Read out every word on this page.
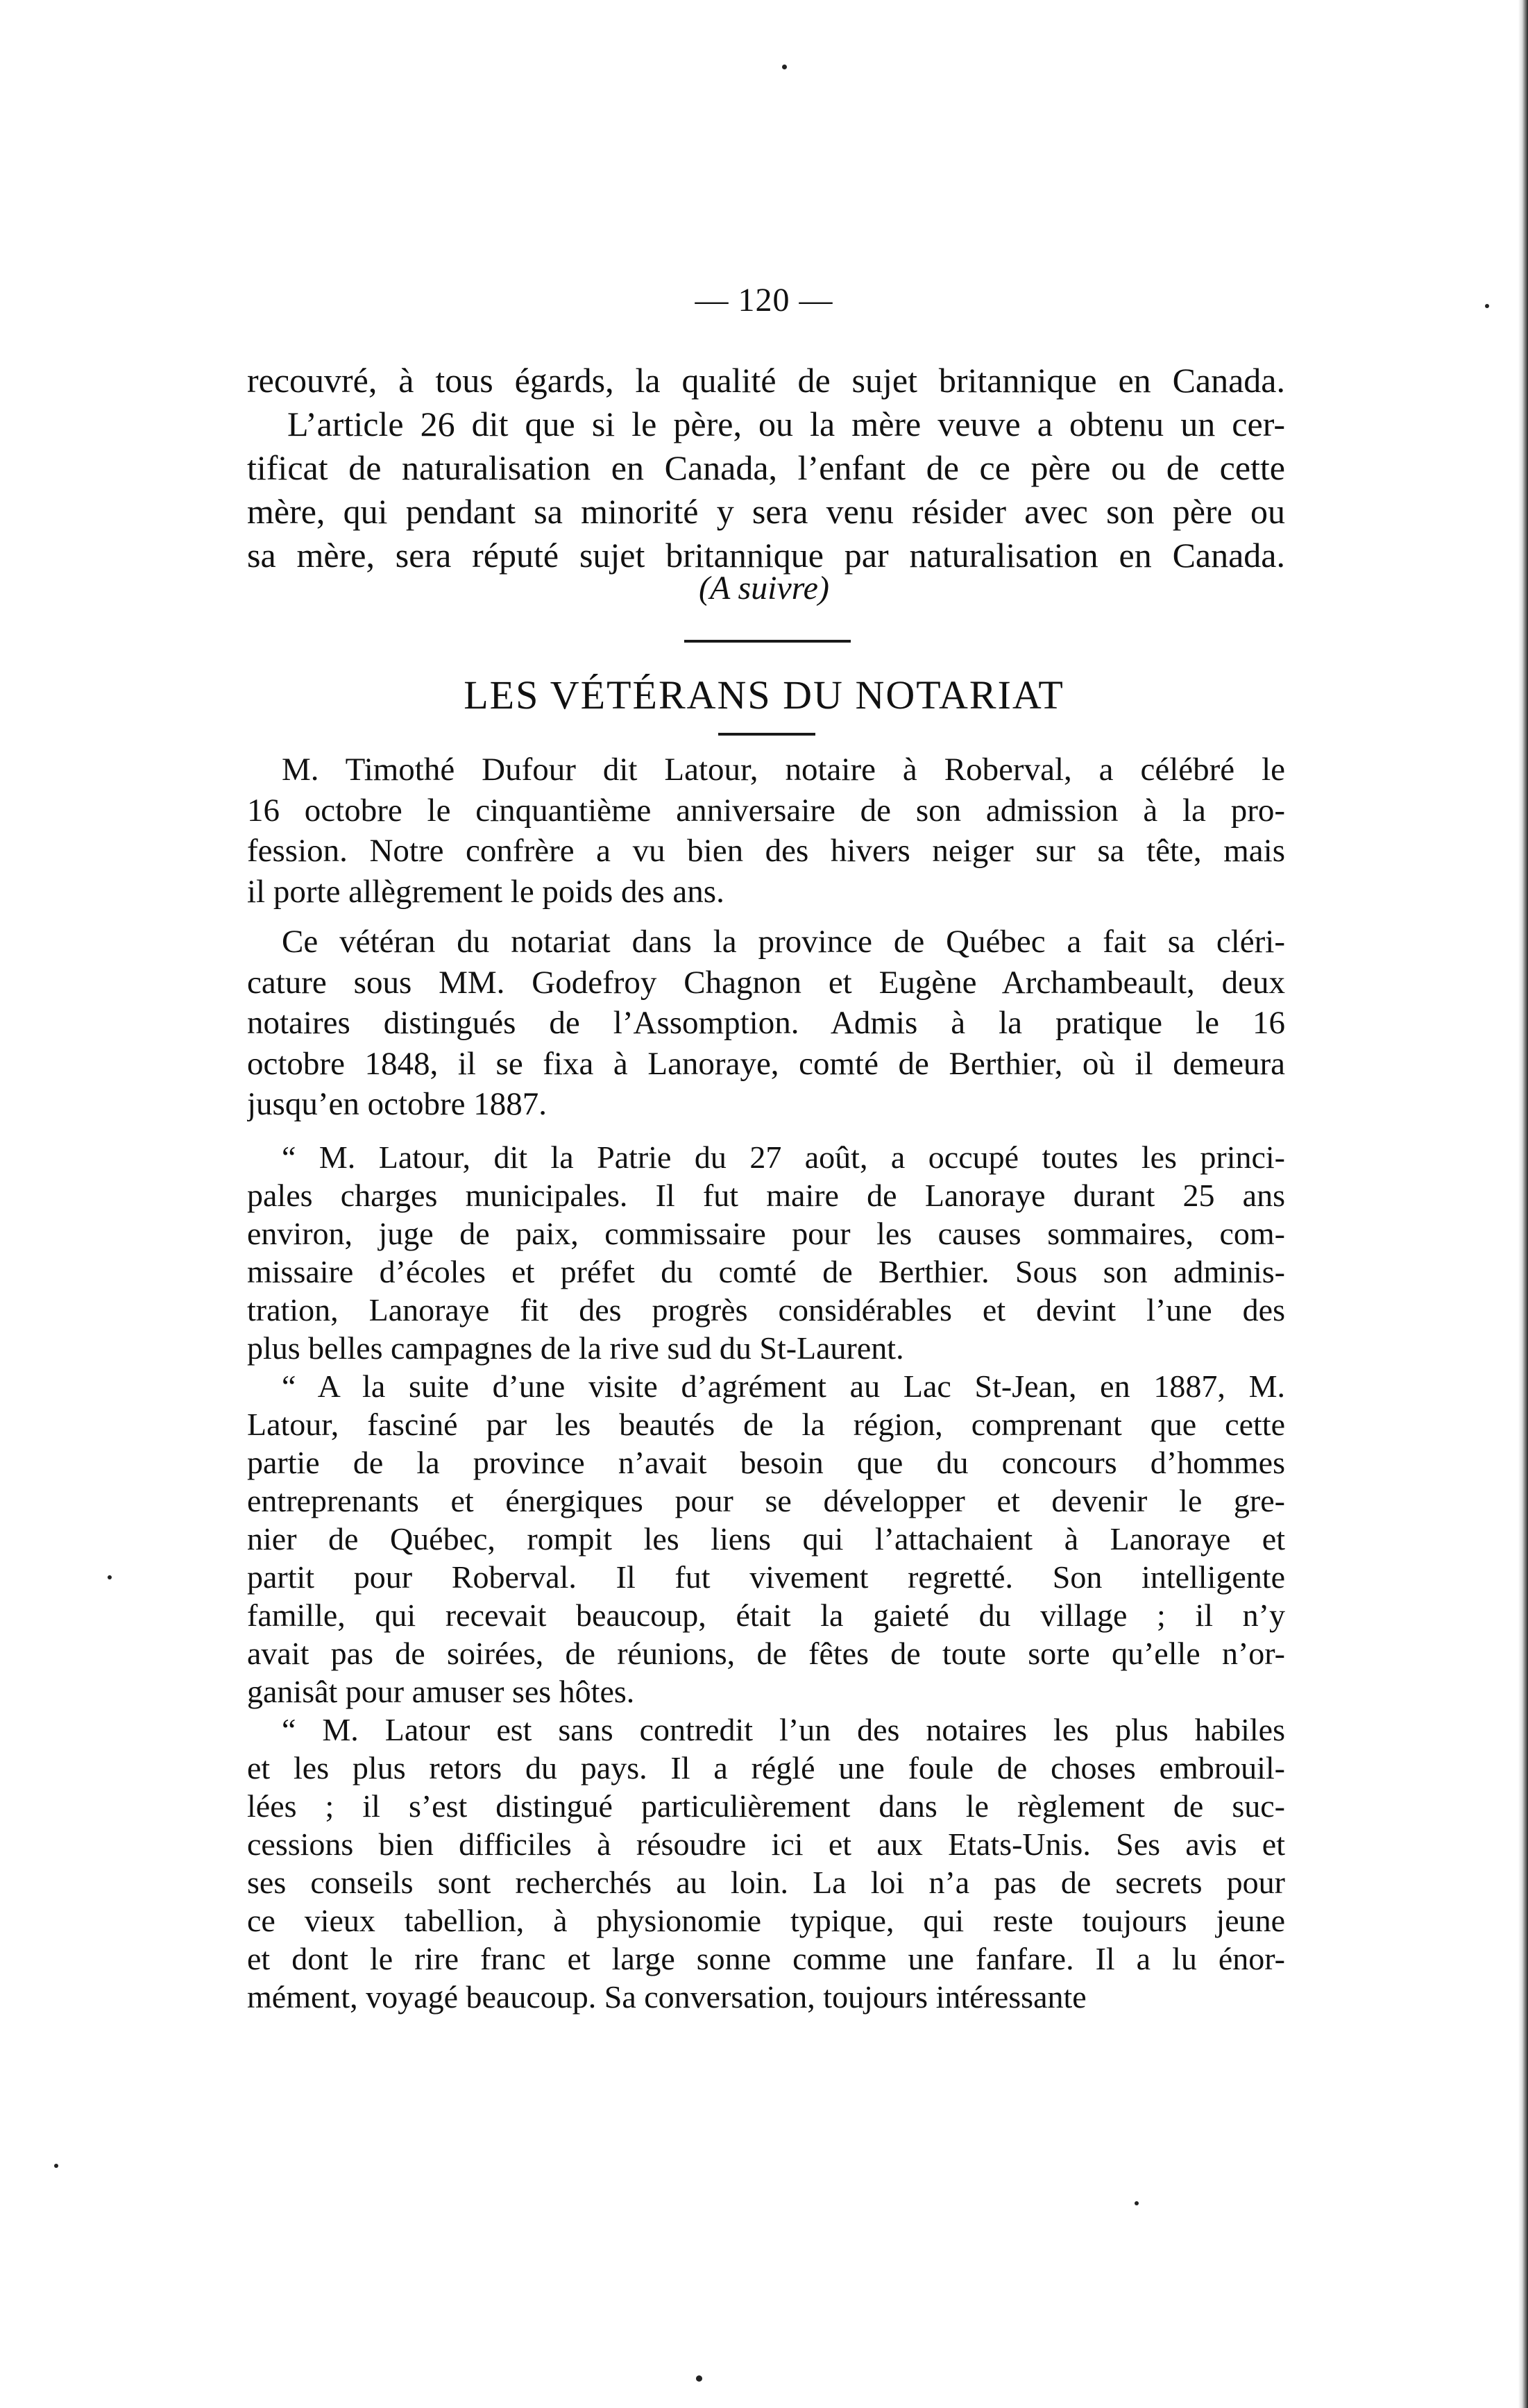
— 120 —
recouvré, à tous égards, la qualité de sujet britannique en Canada.
L’article 26 dit que si le père, ou la mère veuve a obtenu un cer-
tificat de naturalisation en Canada, l’enfant de ce père ou de cette
mère, qui pendant sa minorité y sera venu résider avec son père ou
sa mère, sera réputé sujet britannique par naturalisation en Canada.
(A suivre)
LES VÉTÉRANS DU NOTARIAT
M. Timothé Dufour dit Latour, notaire à Roberval, a célébré le
16 octobre le cinquantième anniversaire de son admission à la pro-
fession. Notre confrère a vu bien des hivers neiger sur sa tête, mais
il porte allègrement le poids des ans.
Ce vétéran du notariat dans la province de Québec a fait sa cléri-
cature sous MM. Godefroy Chagnon et Eugène Archambeault, deux
notaires distingués de l’Assomption. Admis à la pratique le 16
octobre 1848, il se fixa à Lanoraye, comté de Berthier, où il demeura
jusqu’en octobre 1887.
“ M. Latour, dit la Patrie du 27 août, a occupé toutes les princi-
pales charges municipales. Il fut maire de Lanoraye durant 25 ans
environ, juge de paix, commissaire pour les causes sommaires, com-
missaire d’écoles et préfet du comté de Berthier. Sous son adminis-
tration, Lanoraye fit des progrès considérables et devint l’une des
plus belles campagnes de la rive sud du St-Laurent.
“ A la suite d’une visite d’agrément au Lac St-Jean, en 1887, M.
Latour, fasciné par les beautés de la région, comprenant que cette
partie de la province n’avait besoin que du concours d’hommes
entreprenants et énergiques pour se développer et devenir le gre-
nier de Québec, rompit les liens qui l’attachaient à Lanoraye et
partit pour Roberval. Il fut vivement regretté. Son intelligente
famille, qui recevait beaucoup, était la gaieté du village ; il n’y
avait pas de soirées, de réunions, de fêtes de toute sorte qu’elle n’or-
ganisât pour amuser ses hôtes.
“ M. Latour est sans contredit l’un des notaires les plus habiles
et les plus retors du pays. Il a réglé une foule de choses embrouil-
lées ; il s’est distingué particulièrement dans le règlement de suc-
cessions bien difficiles à résoudre ici et aux Etats-Unis. Ses avis et
ses conseils sont recherchés au loin. La loi n’a pas de secrets pour
ce vieux tabellion, à physionomie typique, qui reste toujours jeune
et dont le rire franc et large sonne comme une fanfare. Il a lu énor-
mément, voyagé beaucoup. Sa conversation, toujours intéressante
